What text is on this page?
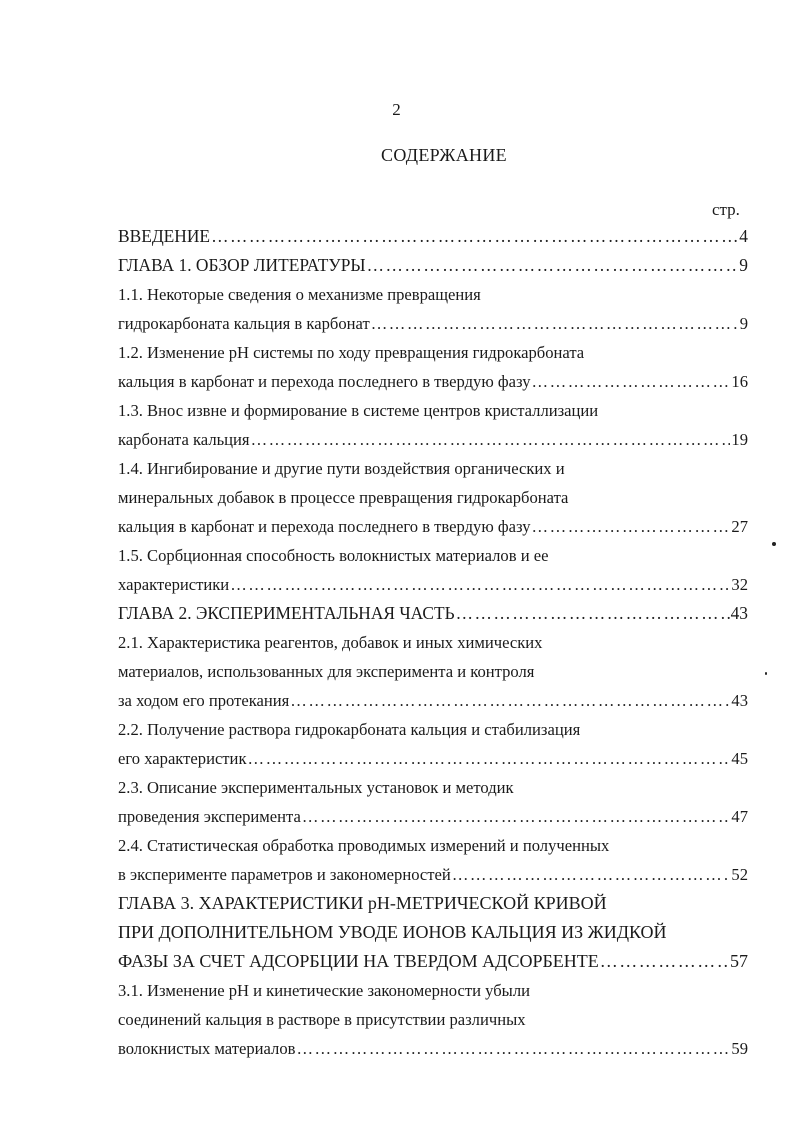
2
СОДЕРЖАНИЕ
стр.
ВВЕДЕНИЕ …………………………………………………………………………………………………………………………………………………………………………………………	4
ГЛАВА 1. ОБЗОР ЛИТЕРАТУРЫ …………………………………………………………………………………………………………………………………………………………………………………………	9
1.1. Некоторые сведения о механизме превращения
гидрокарбоната кальция в карбонат …………………………………………………………………………………………………………………………………………………………………………………………	9
1.2. Изменение pH системы по ходу превращения гидрокарбоната
кальция в карбонат и перехода последнего в твердую фазу …………………………………………………………………………………………………………………………………………………………………………………………	16
1.3. Внос извне и формирование в системе центров кристаллизации
карбоната кальция …………………………………………………………………………………………………………………………………………………………………………………………	19
1.4. Ингибирование и другие пути воздействия органических и
минеральных добавок в процессе превращения гидрокарбоната
кальция в карбонат и перехода последнего в твердую фазу …………………………………………………………………………………………………………………………………………………………………………………………	27
1.5. Сорбционная способность волокнистых материалов и ее
характеристики …………………………………………………………………………………………………………………………………………………………………………………………	32
ГЛАВА 2. ЭКСПЕРИМЕНТАЛЬНАЯ ЧАСТЬ …………………………………………………………………………………………………………………………………………………………………………………………	43
2.1. Характеристика реагентов, добавок и иных химических
материалов, использованных для эксперимента и контроля
за ходом его протекания …………………………………………………………………………………………………………………………………………………………………………………………	43
2.2. Получение раствора гидрокарбоната кальция и стабилизация
его характеристик …………………………………………………………………………………………………………………………………………………………………………………………	45
2.3. Описание экспериментальных установок и методик
проведения эксперимента …………………………………………………………………………………………………………………………………………………………………………………………	47
2.4. Статистическая обработка проводимых измерений и полученных
в эксперименте параметров и закономерностей …………………………………………………………………………………………………………………………………………………………………………………………	52
ГЛАВА 3. ХАРАКТЕРИСТИКИ pH-МЕТРИЧЕСКОЙ КРИВОЙ
ПРИ ДОПОЛНИТЕЛЬНОМ УВОДЕ ИОНОВ КАЛЬЦИЯ ИЗ ЖИДКОЙ
ФАЗЫ ЗА СЧЕТ АДСОРБЦИИ НА ТВЕРДОМ АДСОРБЕНТЕ …………………………………………………………………………………………………………………………………………………………………………………………	57
3.1. Изменение pH и кинетические закономерности убыли
соединений кальция в растворе в присутствии различных
волокнистых материалов …………………………………………………………………………………………………………………………………………………………………………………………	59
